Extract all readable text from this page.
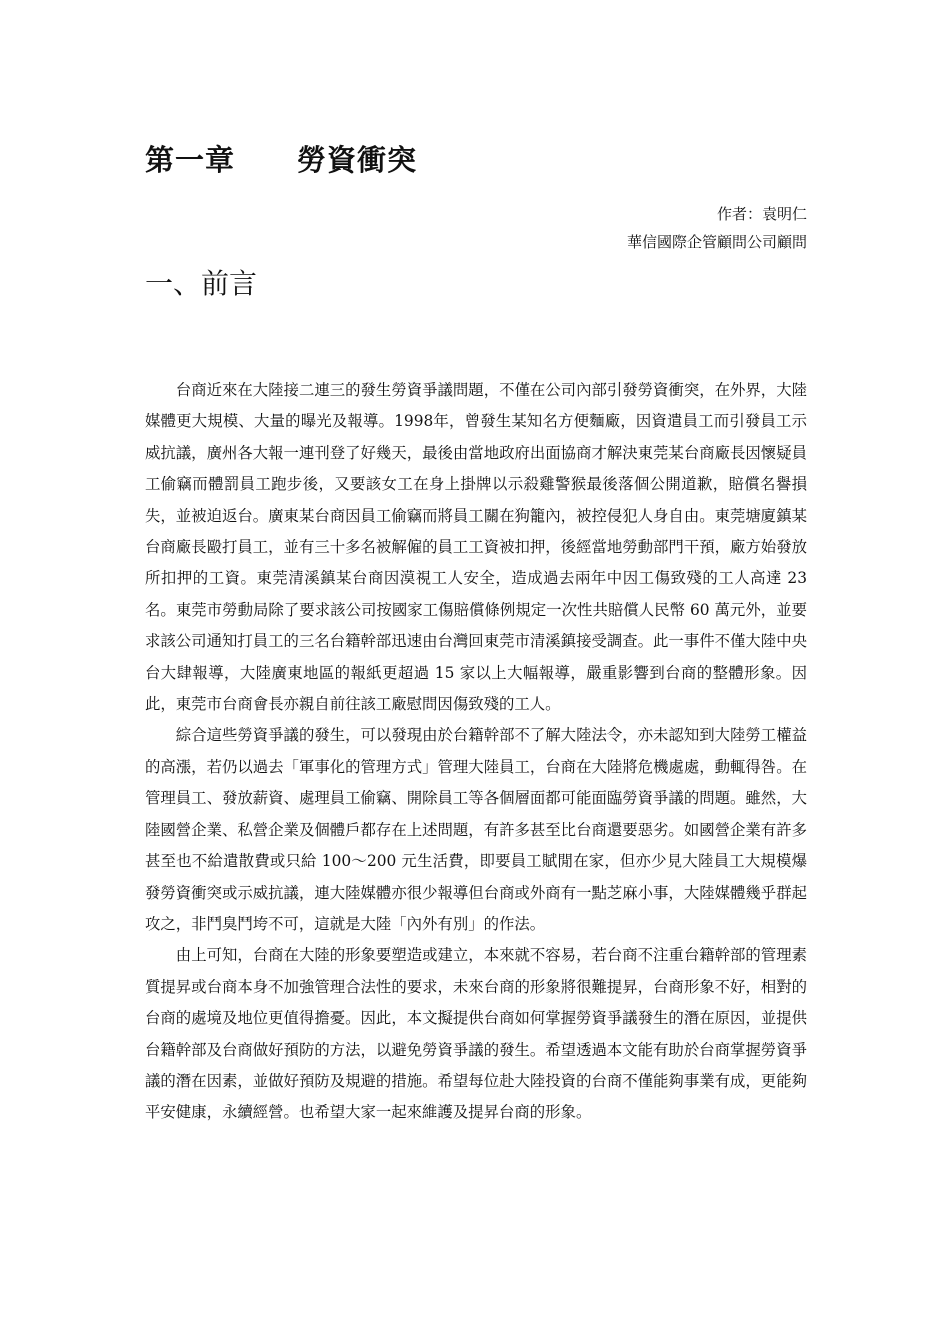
第一章 勞資衝突
作者：袁明仁
華信國際企管顧問公司顧問
一、前言

台商近來在大陸接二連三的發生勞資爭議問題，不僅在公司內部引發勞資衝突，在外界，大陸媒體更大規模、大量的曝光及報導。1998年，曾發生某知名方便麵廠，因資遣員工而引發員工示威抗議，廣州各大報一連刊登了好幾天，最後由當地政府出面協商才解決東莞某台商廠長因懷疑員工偷竊而體罰員工跑步後，又要該女工在身上掛牌以示殺雞警猴最後落個公開道歉，賠償名譽損失，並被迫返台。廣東某台商因員工偷竊而將員工關在狗籠內，被控侵犯人身自由。東莞塘廈鎮某台商廠長毆打員工，並有三十多名被解僱的員工工資被扣押，後經當地勞動部門干預，廠方始發放所扣押的工資。東莞清溪鎮某台商因漠視工人安全，造成過去兩年中因工傷致殘的工人高達 23 名。東莞市勞動局除了要求該公司按國家工傷賠償條例規定一次性共賠償人民幣 60 萬元外，並要求該公司通知打員工的三名台籍幹部迅速由台灣回東莞市清溪鎮接受調查。此一事件不僅大陸中央台大肆報導，大陸廣東地區的報紙更超過 15 家以上大幅報導，嚴重影響到台商的整體形象。因此，東莞市台商會長亦親自前往該工廠慰問因傷致殘的工人。

綜合這些勞資爭議的發生，可以發現由於台籍幹部不了解大陸法令，亦未認知到大陸勞工權益的高漲，若仍以過去「軍事化的管理方式」管理大陸員工，台商在大陸將危機處處，動輒得咎。在管理員工、發放薪資、處理員工偷竊、開除員工等各個層面都可能面臨勞資爭議的問題。雖然，大陸國營企業、私營企業及個體戶都存在上述問題，有許多甚至比台商還要惡劣。如國營企業有許多甚至也不給遣散費或只給 100～200 元生活費，即要員工賦閒在家，但亦少見大陸員工大規模爆發勞資衝突或示威抗議，連大陸媒體亦很少報導但台商或外商有一點芝麻小事，大陸媒體幾乎群起攻之，非鬥臭鬥垮不可，這就是大陸「內外有別」的作法。

由上可知，台商在大陸的形象要塑造或建立，本來就不容易，若台商不注重台籍幹部的管理素質提昇或台商本身不加強管理合法性的要求，未來台商的形象將很難提昇，台商形象不好，相對的台商的處境及地位更值得擔憂。因此，本文擬提供台商如何掌握勞資爭議發生的潛在原因，並提供台籍幹部及台商做好預防的方法，以避免勞資爭議的發生。希望透過本文能有助於台商掌握勞資爭議的潛在因素，並做好預防及規避的措施。希望每位赴大陸投資的台商不僅能夠事業有成，更能夠平安健康，永續經營。也希望大家一起來維護及提昇台商的形象。
